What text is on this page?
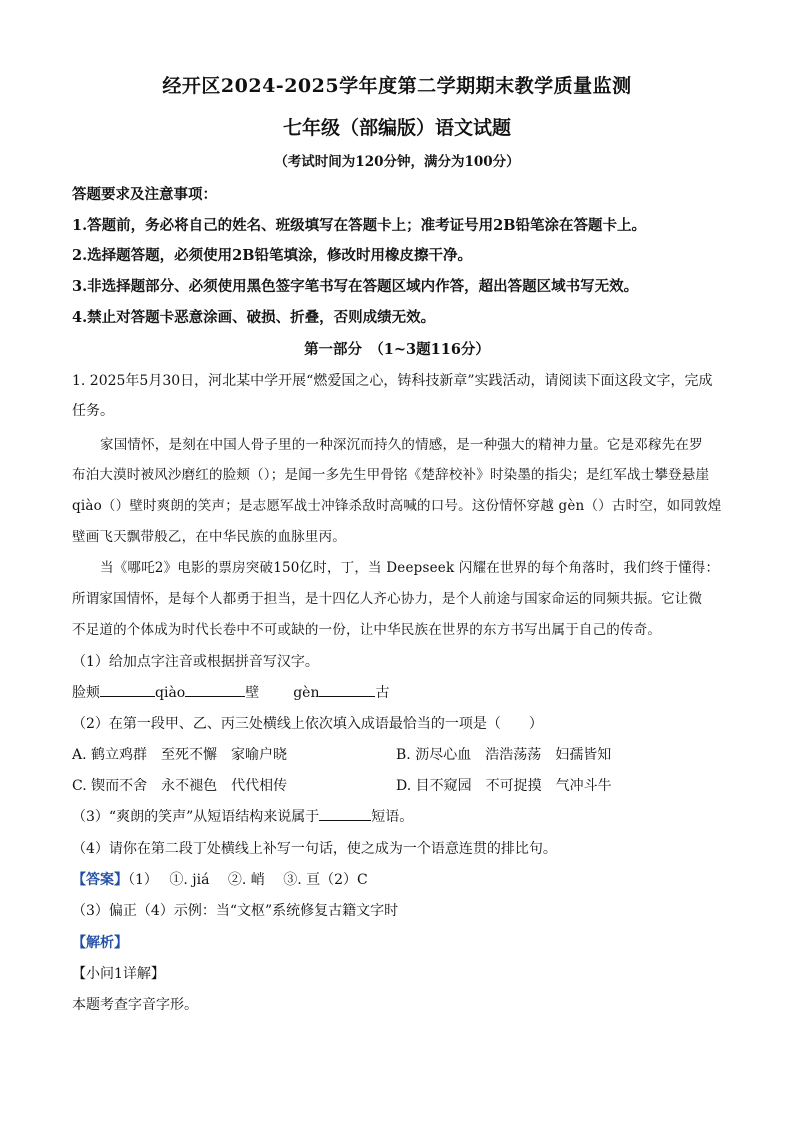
经开区2024-2025学年度第二学期期末教学质量监测
七年级（部编版）语文试题
（考试时间为120分钟，满分为100分）
答题要求及注意事项：
1.答题前，务必将自己的姓名、班级填写在答题卡上；准考证号用2B铅笔涂在答题卡上。
2.选择题答题，必须使用2B铅笔填涂，修改时用橡皮擦干净。
3.非选择题部分、必须使用黑色签字笔书写在答题区域内作答，超出答题区域书写无效。
4.禁止对答题卡恶意涂画、破损、折叠，否则成绩无效。
第一部分　（1~3题116分）
1. 2025年5月30日，河北某中学开展“燃爱国之心，铸科技新章”实践活动，请阅读下面这段文字，完成
任务。
家国情怀，是刻在中国人骨子里的一种深沉而持久的情感，是一种强大的精神力量。它是邓稼先在罗
布泊大漠时被风沙磨红的脸颊（）；是闻一多先生甲骨铭《楚辞校补》时染墨的指尖；是红军战士攀登悬崖
qiào（）壁时爽朗的笑声；是志愿军战士冲锋杀敌时高喊的口号。这份情怀穿越 gèn（）古时空，如同敦煌
壁画飞天飘带般乙，在中华民族的血脉里丙。
当《哪吒2》电影的票房突破150亿时，丁，当 Deepseek 闪耀在世界的每个角落时，我们终于懂得：
所谓家国情怀，是每个人都勇于担当，是十四亿人齐心协力，是个人前途与国家命运的同频共振。它让微
不足道的个体成为时代长卷中不可或缺的一份，让中华民族在世界的东方书写出属于自己的传奇。
（1）给加点字注音或根据拼音写汉字。
脸颊	qiào	壁 gèn	古
（2）在第一段甲、乙、丙三处横线上依次填入成语最恰当的一项是（　　）
A. 鹤立鸡群　至死不懈　家喻户晓	B. 沥尽心血　浩浩荡荡　妇孺皆知
C. 锲而不舍　永不褪色　代代相传	D. 目不窥园　不可捉摸　气冲斗牛
（3）“爽朗的笑声”从短语结构来说属于	短语。
（4）请你在第二段丁处横线上补写一句话，使之成为一个语意连贯的排比句。
【答案】（1）　 ①. jiá　 ②. 峭　 ③. 亘（2）C
（3）偏正（4）示例：当“文枢”系统修复古籍文字时
【解析】
【小问1详解】
本题考查字音字形。
